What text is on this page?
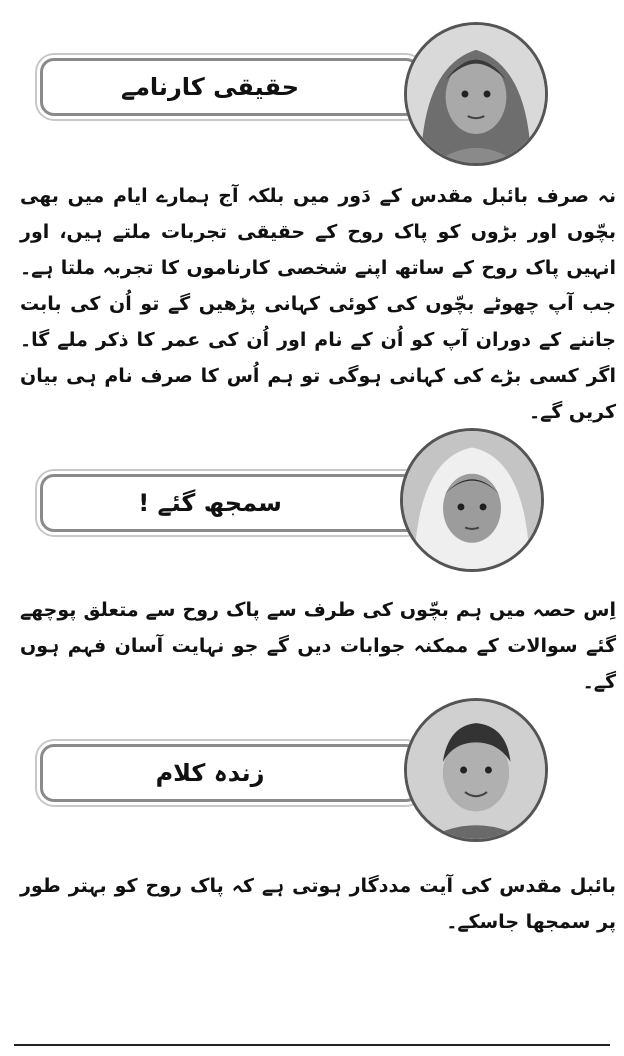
حقیقی کارنامے
نہ صرف بائبل مقدس کے دَور میں بلکہ آج ہمارے ایام میں بھی بچّوں اور بڑوں کو پاک روح کے حقیقی تجربات ملتے ہیں، اور انہیں پاک روح کے ساتھ اپنے شخصی کارناموں کا تجربہ ملتا ہے۔ جب آپ چھوٹے بچّوں کی کوئی کہانی پڑھیں گے تو اُن کی بابت جاننے کے دوران آپ کو اُن کے نام اور اُن کی عمر کا ذکر ملے گا۔ اگر کسی بڑے کی کہانی ہوگی تو ہم اُس کا صرف نام ہی بیان کریں گے۔
سمجھ گئے !
اِس حصہ میں ہم بچّوں کی طرف سے پاک روح سے متعلق پوچھے گئے سوالات کے ممکنہ جوابات دیں گے جو نہایت آسان فہم ہوں گے۔
زندہ کلام
بائبل مقدس کی آیت مددگار ہوتی ہے کہ پاک روح کو بہتر طور پر سمجھا جاسکے۔
